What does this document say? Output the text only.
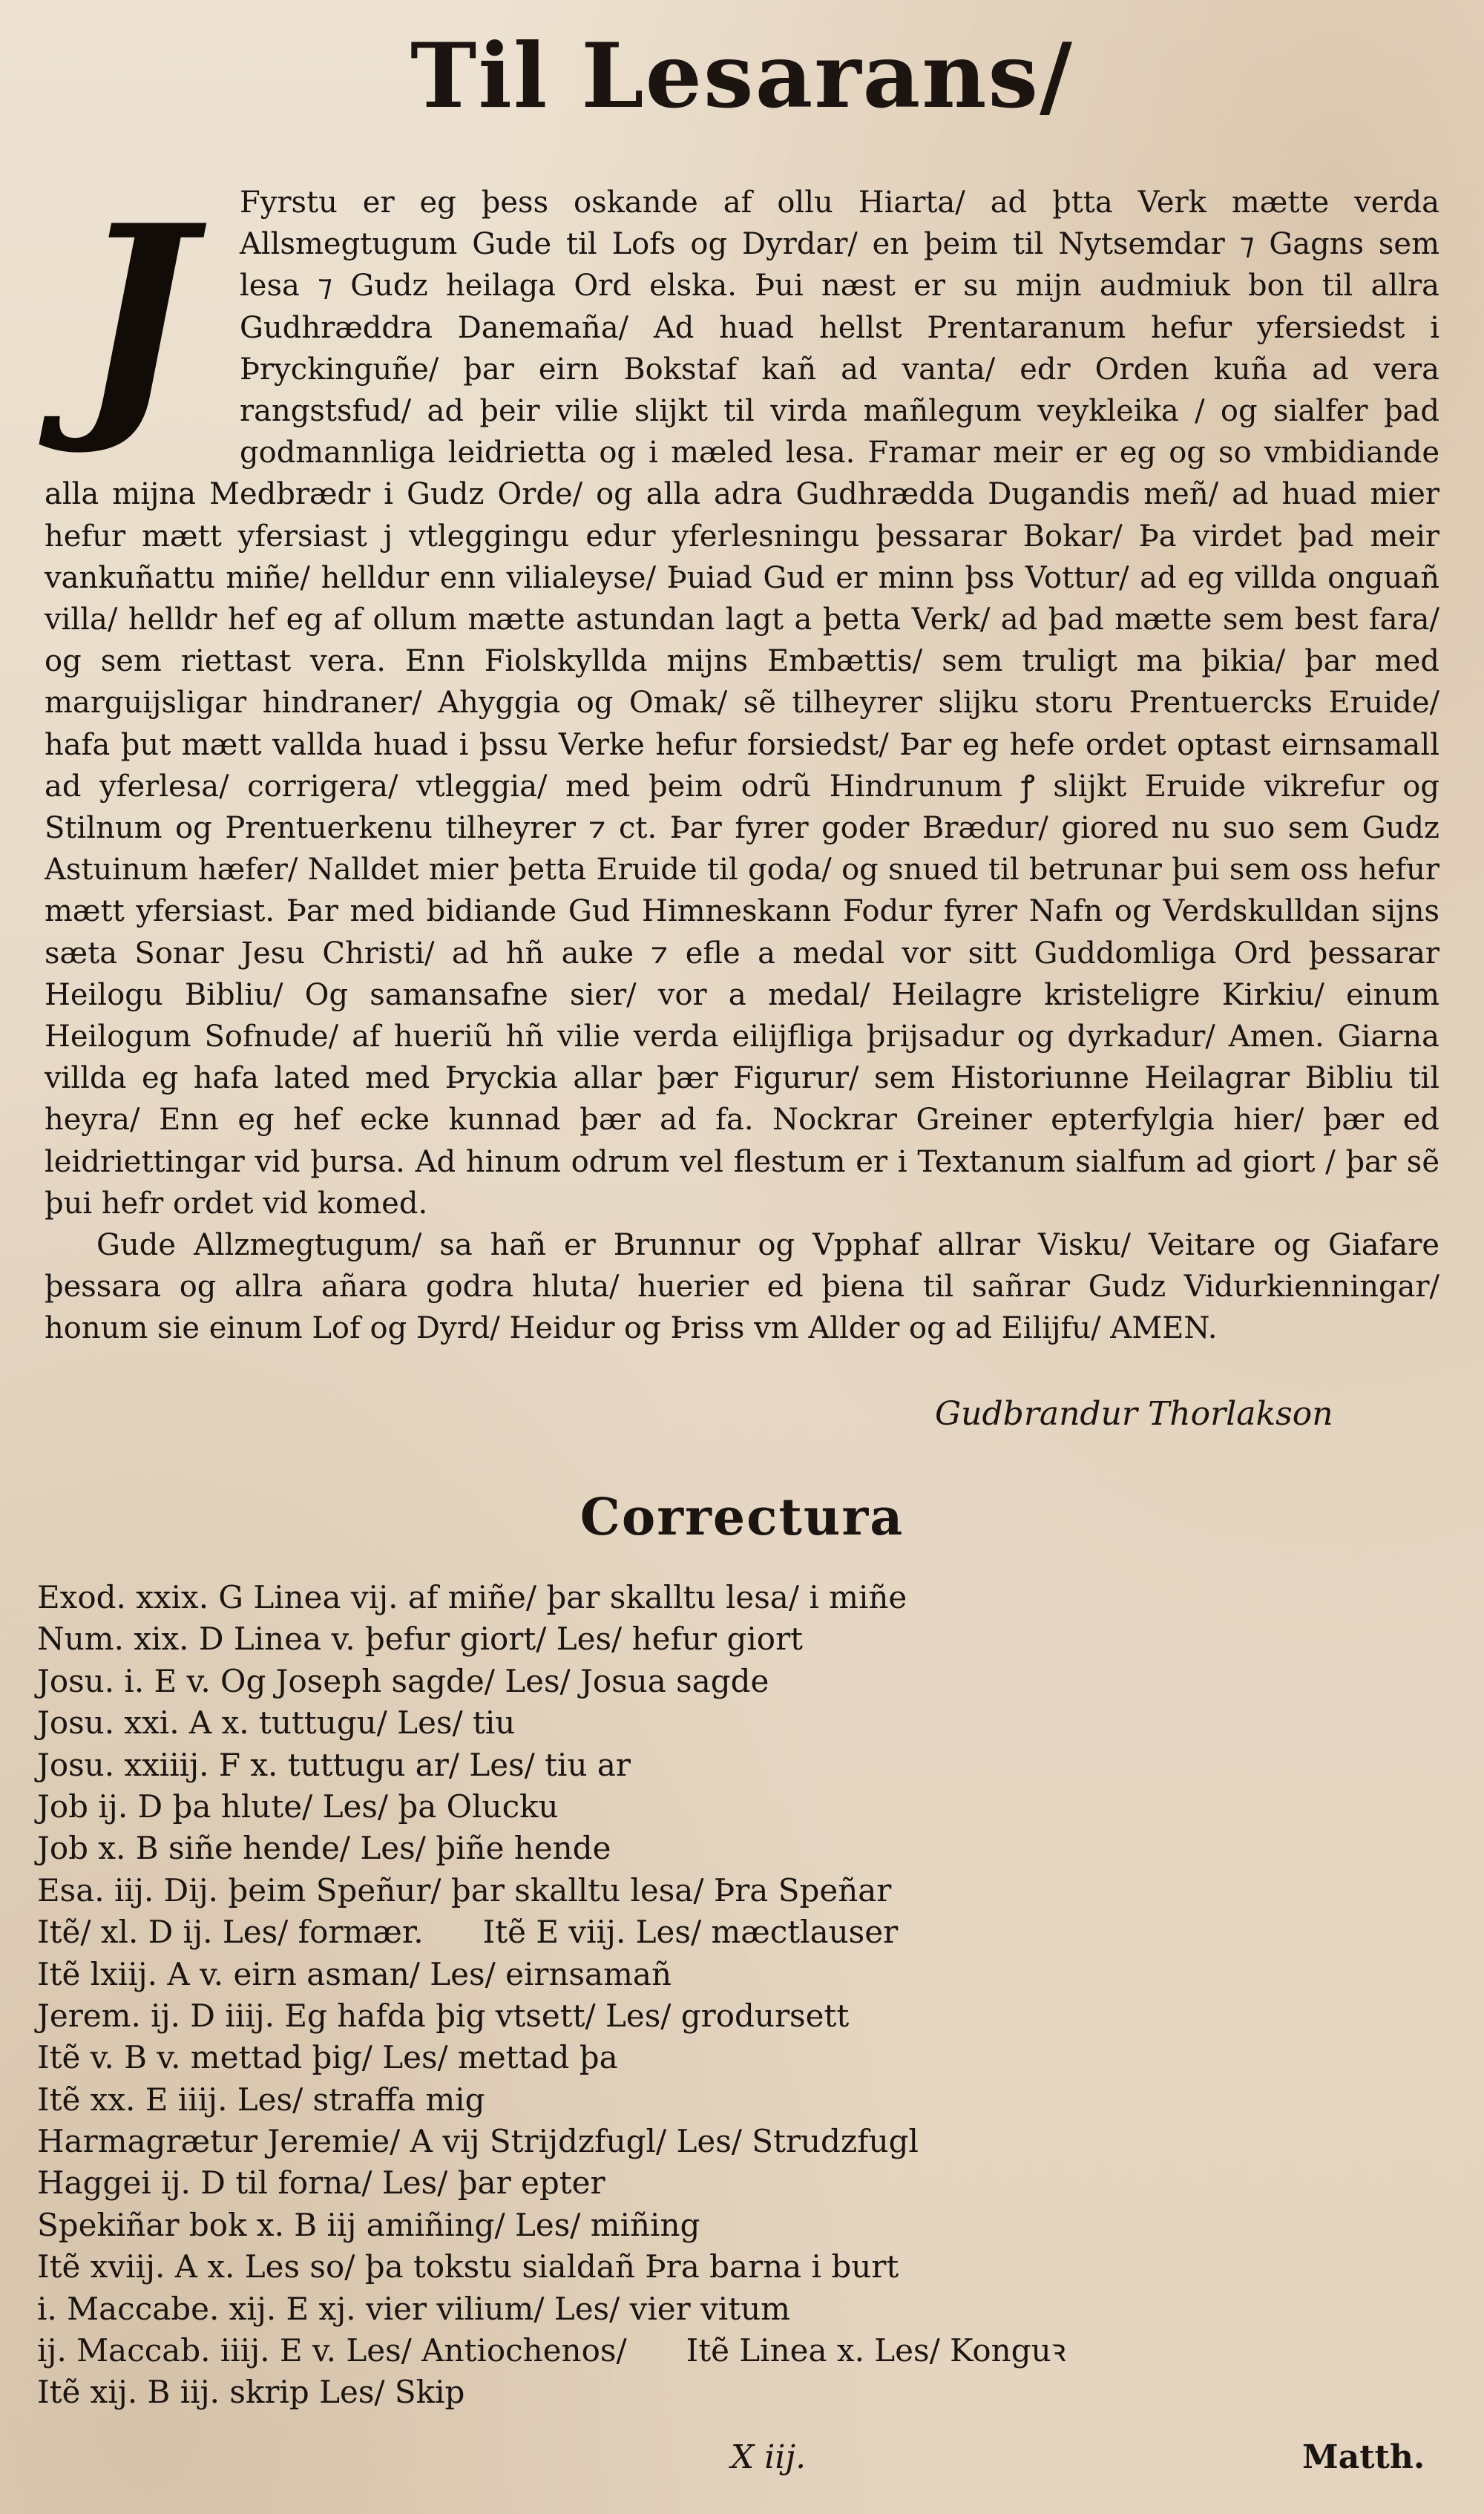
Til Lesarans/

J	Fyrstu er eg þess oskande af ollu Hiarta/ ad þtta Verk mætte verda Allsmegtugum Gude til Lofs og Dyrdar/ en þeim til Nytsemdar ⁊ Gagns sem lesa ⁊ Gudz heilaga Ord elska. Þui næst er su mijn audmiuk bon til allra Gudhræddra Danemañа/ Ad huad hellst Prentaranum hefur yfersiedst i Þryckinguñe/ þar eirn Bokstaf kañ ad vanta/ edr Orden kuñа ad vera rangstsfud/ ad þeir vilie slijkt til virda mañlegum veykleika / og sialfer þad godmannliga leidrietta og i mæled lesa. Framar meir er eg og so vmbidiande alla mijna Medbrædr i Gudz Orde/ og alla adra Gudhrædda Dugandis meñ/ ad huad mier hefur mætt yfersiast j vtleggingu edur yferlesningu þessarar Bokar/ Þa virdet þad meir vankuñattu miñe/ helldur enn vilialeyse/ Þuiad Gud er minn þss Vottur/ ad eg villda onguañ villa/ helldr hef eg af ollum mætte astundan lagt a þetta Verk/ ad þad mætte sem best fara/ og sem riettast vera. Enn Fiolskyllda mijns Embættis/ sem truligt ma þikia/ þar med marguijsligar hindraner/ Ahyggia og Omak/ sẽ tilheyrer slijku storu Prentuercks Eruide/ hafa þut mætt vallda huad i þssu Verke hefur forsiedst/ Þar eg hefe ordet optast eirnsamall ad yferlesa/ corrigera/ vtleggia/ med þeim odrũ Hindrunum ꝭ slijkt Eruide vikrefur og Stilnum og Prentuerkenu tilheyrer ⁊ ct. Þar fyrer goder Brædur/ giored nu suo sem Gudz Astuinum hæfer/ Nalldet mier þetta Eruide til goda/ og snued til betrunar þui sem oss hefur mætt yfersiast. Þar med bidiande Gud Himneskann Fodur fyrer Nafn og Verdskulldan sijns sæta Sonar Jesu Christi/ ad hñ auke ⁊ efle a medal vor sitt Guddomliga Ord þessarar Heilogu Bibliu/ Og samansafnе sier/ vor a medal/ Heilagre kristeligre Kirkiu/ einum Heilogum Sofnude/ af hueriũ hñ vilie verda eilijfliga þrijsadur og dyrkadur/ Amen. Giarna villda eg hafa lated med Þryckia allar þær Figurur/ sem Historiunne Heilagrar Bibliu til heyra/ Enn eg hef ecke kunnad þær ad fa. Nockrar Greiner epterfylgia hier/ þær ed leidriettingar vid þursa. Ad hinum odrum vel flestum er i Textanum sialfum ad giort / þar sẽ þui hefr ordet vid komed.

Gude Allzmegtugum/ sa hañ er Brunnur og Vpphaf allrar Visku/ Veitare og Giafare þessara og allra añara godra hluta/ huerier ed þiena til sañrar Gudz Vidurkienningar/ honum sie einum Lof og Dyrd/ Heidur og Þriss vm Allder og ad Eilijfu/ AMEN.

Gudbrandur Thorlakson
Correctura
Exod. xxix. G Linea vij. af miñе/ þar skalltu lesa/ i miñе
Num. xix. D Linea v. þefur giort/ Les/ hefur giort
Josu. i. E v. Og Joseph sagde/ Les/ Josua sagde
Josu. xxi. A x. tuttugu/ Les/ tiu
Josu. xxiiij. F x. tuttugu ar/ Les/ tiu ar
Job ij. D þa hlute/ Les/ þa Olucku
Job x. B siñе hende/ Les/ þiñе hende
Esa. iij. Dij. þeim Speñur/ þar skalltu lesa/ Þra Speñar
Itẽ/ xl. D ij. Les/ formær. Itẽ E viij. Les/ mæctlauser
Itẽ lxiij. A v. eirn asman/ Les/ eirnsamañ
Jerem. ij. D iiij. Eg hafda þig vtsett/ Les/ grodursett
Itẽ v. B v. mettad þig/ Les/ mettad þa
Itẽ xx. E iiij. Les/ straffa mig
Harmagrætur Jeremie/ A vij Strijdzfugl/ Les/ Strudzfugl
Haggei ij. D til forna/ Les/ þar epter
Spekiñar bok x. B iij amiñing/ Les/ miñing
Itẽ xviij. A x. Les so/ þa tokstu sialdañ Þra barna i burt
i. Maccabe. xij. E xj. vier vilium/ Les/ vier vitum
ij. Maccab. iiij. E v. Les/ Antiochenos/ Itẽ Linea x. Les/ Konguꝛ
Itẽ xij. B iij. skrip Les/ Skip
X iij.	Matth.
